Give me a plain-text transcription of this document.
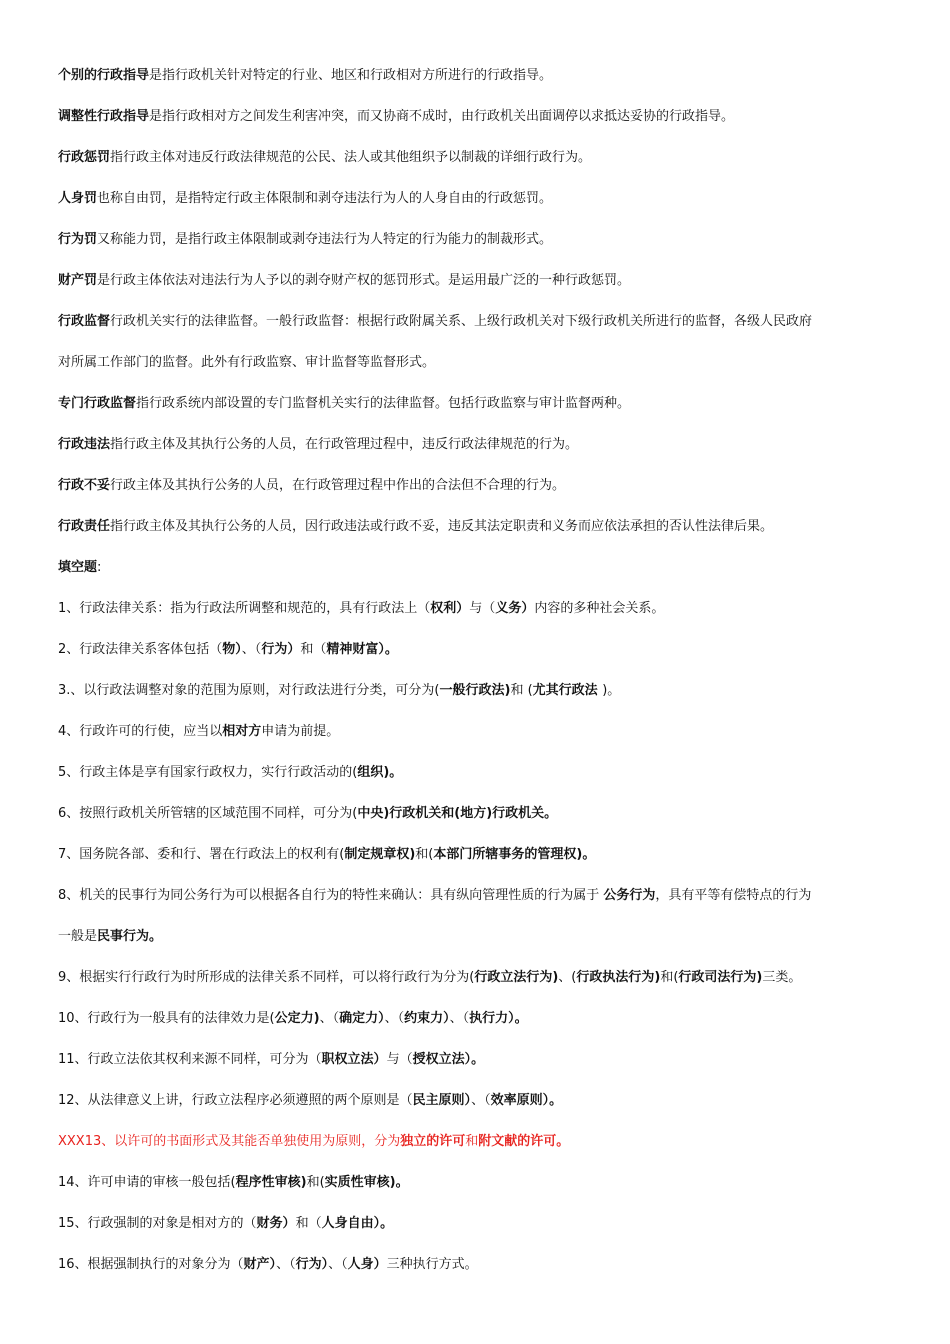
个别的行政指导是指行政机关针对特定的行业、地区和行政相对方所进行的行政指导。
调整性行政指导是指行政相对方之间发生利害冲突，而又协商不成时，由行政机关出面调停以求抵达妥协的行政指导。
行政惩罚指行政主体对违反行政法律规范的公民、法人或其他组织予以制裁的详细行政行为。
人身罚也称自由罚，是指特定行政主体限制和剥夺违法行为人的人身自由的行政惩罚。
行为罚又称能力罚，是指行政主体限制或剥夺违法行为人特定的行为能力的制裁形式。
财产罚是行政主体依法对违法行为人予以的剥夺财产权的惩罚形式。是运用最广泛的一种行政惩罚。
行政监督行政机关实行的法律监督。一般行政监督：根据行政附属关系、上级行政机关对下级行政机关所进行的监督，各级人民政府
对所属工作部门的监督。此外有行政监察、审计监督等监督形式。
专门行政监督指行政系统内部设置的专门监督机关实行的法律监督。包括行政监察与审计监督两种。
行政违法指行政主体及其执行公务的人员，在行政管理过程中，违反行政法律规范的行为。
行政不妥行政主体及其执行公务的人员，在行政管理过程中作出的合法但不合理的行为。
行政责任指行政主体及其执行公务的人员，因行政违法或行政不妥，违反其法定职责和义务而应依法承担的否认性法律后果。
填空题:
1、行政法律关系：指为行政法所调整和规范的，具有行政法上（权利）与（义务）内容的多种社会关系。
2、行政法律关系客体包括（物）、（行为）和（精神财富）。
3.、以行政法调整对象的范围为原则，对行政法进行分类，可分为(一般行政法)和 (尤其行政法 )。
4、行政许可的行使，应当以相对方申请为前提。
5、行政主体是享有国家行政权力，实行行政活动的(组织)。
6、按照行政机关所管辖的区域范围不同样，可分为(中央)行政机关和(地方)行政机关。
7、国务院各部、委和行、署在行政法上的权利有(制定规章权)和(本部门所辖事务的管理权)。
8、机关的民事行为同公务行为可以根据各自行为的特性来确认：具有纵向管理性质的行为属于 公务行为，具有平等有偿特点的行为
一般是民事行为。
9、根据实行行政行为时所形成的法律关系不同样，可以将行政行为分为(行政立法行为)、(行政执法行为)和(行政司法行为)三类。
10、行政行为一般具有的法律效力是(公定力)、（确定力）、（约束力）、（执行力）。
11、行政立法依其权利来源不同样，可分为（职权立法）与（授权立法）。
12、从法律意义上讲，行政立法程序必须遵照的两个原则是（民主原则）、（效率原则）。
XXX13、以许可的书面形式及其能否单独使用为原则，分为独立的许可和附文献的许可。
14、许可申请的审核一般包括(程序性审核)和(实质性审核)。
15、行政强制的对象是相对方的（财务）和（人身自由）。
16、根据强制执行的对象分为（财产）、（行为）、（人身）三种执行方式。
